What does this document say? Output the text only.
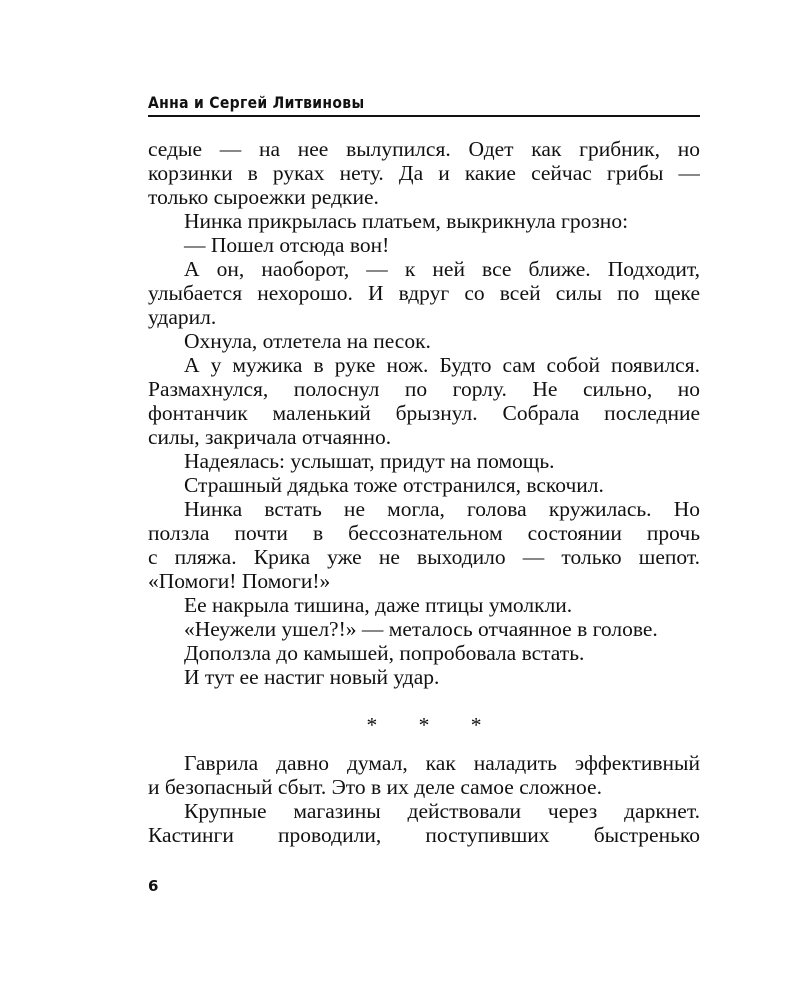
Анна и Сергей Литвиновы
седые — на нее вылупился. Одет как грибник, но
корзинки в руках нету. Да и какие сейчас грибы —
только сыроежки редкие.
Нинка прикрылась платьем, выкрикнула грозно:
— Пошел отсюда вон!
А он, наоборот, — к ней все ближе. Подходит,
улыбается нехорошо. И вдруг со всей силы по щеке
ударил.
Охнула, отлетела на песок.
А у мужика в руке нож. Будто сам собой появился.
Размахнулся, полоснул по горлу. Не сильно, но
фонтанчик маленький брызнул. Собрала последние
силы, закричала отчаянно.
Надеялась: услышат, придут на помощь.
Страшный дядька тоже отстранился, вскочил.
Нинка встать не могла, голова кружилась. Но
ползла почти в бессознательном состоянии прочь
с пляжа. Крика уже не выходило — только шепот.
«Помоги! Помоги!»
Ее накрыла тишина, даже птицы умолкли.
«Неужели ушел?!» — металось отчаянное в голове.
Доползла до камышей, попробовала встать.
И тут ее настиг новый удар.
* * *
Гаврила давно думал, как наладить эффективный
и безопасный сбыт. Это в их деле самое сложное.
Крупные магазины действовали через даркнет.
Кастинги проводили, поступивших быстренько
6
